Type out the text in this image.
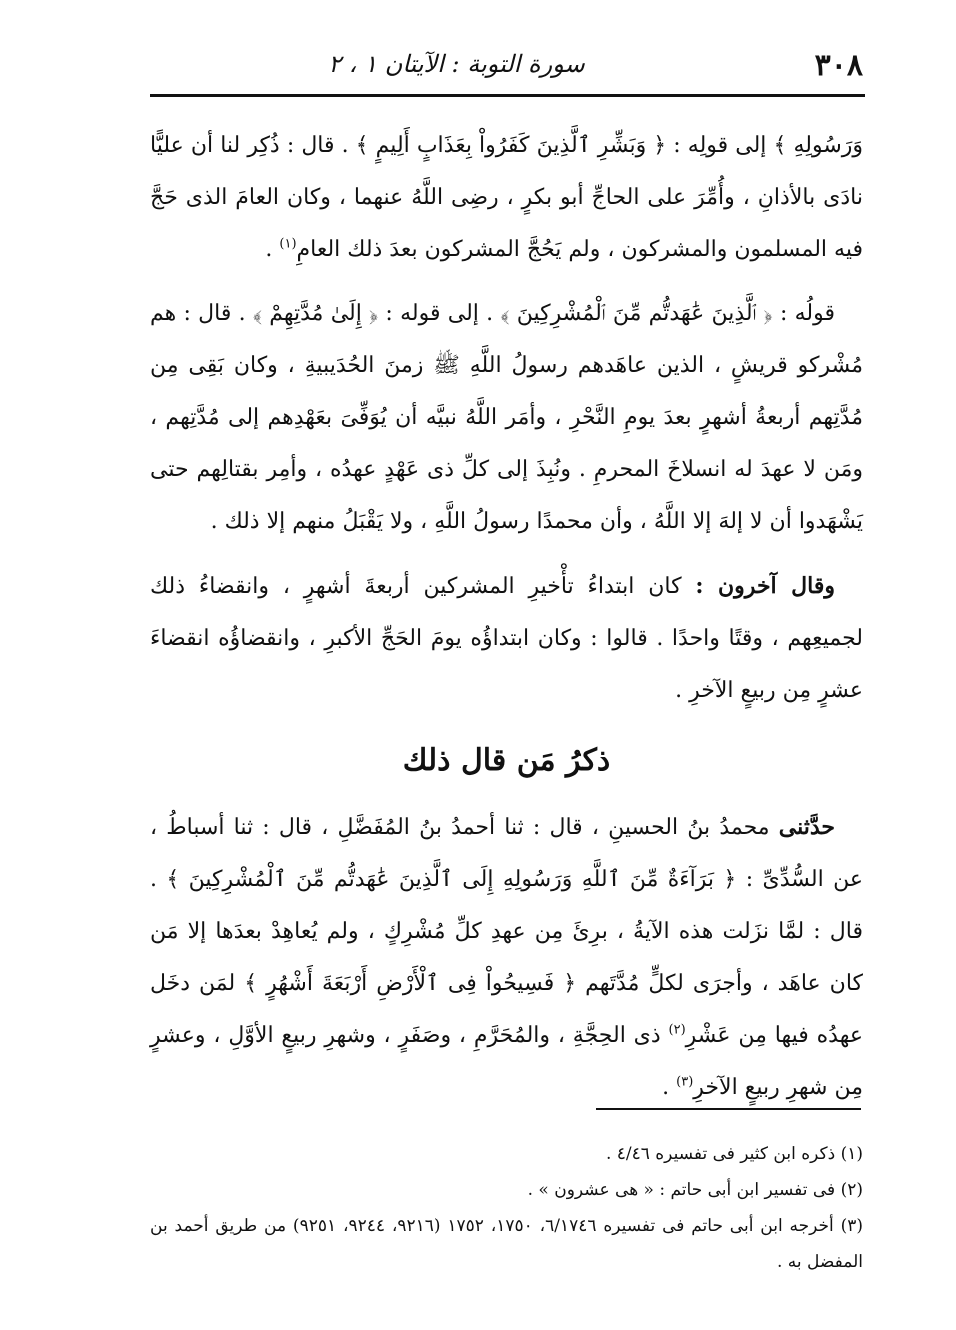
٣٠٨
سورة التوبة : الآيتان ١ ، ٢

وَرَسُولِهِ ﴾ إلى قولِه : ﴿ وَبَشِّرِ ٱلَّذِينَ كَفَرُواْ بِعَذَابٍ أَلِيمٍ ﴾ . قال : ذُكِر لنا أن عليًّا نادَى بالأذانِ ، وأُمِّرَ على الحاجِّ أبو بكرٍ ، رضِى اللَّهُ عنهما ، وكان العامَ الذى حَجَّ فيه المسلمون والمشركون ، ولم يَحُجَّ المشركون بعدَ ذلك العامِ$^{(١)}$ .

قولُه : ﴿ ٱلَّذِينَ عَٰهَدتُّم مِّنَ ٱلْمُشْرِكِينَ ﴾ . إلى قوله : ﴿ إِلَىٰ مُدَّتِهِمْ ﴾ . قال : هم مُشْركو قريشٍ ، الذين عاهَدهم رسولُ اللَّهِ ﷺ زمنَ الحُدَيبيةِ ، وكان بَقِى مِن مُدَّتِهم أربعةُ أشهرٍ بعدَ يومِ النَّحْرِ ، وأمَر اللَّهُ نبيَّه أن يُوَفِّىَ بعَهْدِهم إلى مُدَّتِهم ، ومَن لا عهدَ له انسلاخَ المحرمِ . ونُبِذَ إلى كلِّ ذى عَهْدٍ عهدُه ، وأمِر بقتالِهم حتى يَشْهَدوا أن لا إلهَ إلا اللَّهُ ، وأن محمدًا رسولُ اللَّهِ ، ولا يَقْبَلُ منهم إلا ذلك .

وقال آخرون : كان ابتداءُ تأْخيرِ المشركين أربعةَ أشهرٍ ، وانقضاءُ ذلك لجميعِهم ، وقتًا واحدًا . قالوا : وكان ابتداؤُه يومَ الحَجِّ الأكبرِ ، وانقضاؤُه انقضاءَ عشرٍ مِن ربيعٍ الآخرِ .

ذكرُ مَن قال ذلك

حدَّثنى محمدُ بنُ الحسينِ ، قال : ثنا أحمدُ بنُ المُفَضَّلِ ، قال : ثنا أسباطُ ، عن السُّدِّىِّ : ﴿ بَرَآءَةٌ مِّنَ ٱللَّهِ وَرَسُولِهِ إِلَى ٱلَّذِينَ عَٰهَدتُّم مِّنَ ٱلْمُشْرِكِينَ ﴾ . قال : لمَّا نزَلت هذه الآيةُ ، برِئَ مِن عهدِ كلِّ مُشْرِكٍ ، ولم يُعاهِدْ بعدَها إلا مَن كان عاهَد ، وأجرَى لكلٍّ مُدَّتَهم ﴿ فَسِيحُواْ فِى ٱلْأَرْضِ أَرْبَعَةَ أَشْهُرٍ ﴾ لمَن دخَل عهدُه فيها مِن عَشْرِ$^{(٢)}$ ذى الحِجَّةِ ، والمُحَرَّمِ ، وصَفَرٍ ، وشهرِ ربيعٍ الأوَّلِ ، وعشرٍ مِن شهرِ ربيعٍ الآخرِ$^{(٣)}$ .

(١) ذكره ابن كثير فى تفسيره ٤/٤٦ .

(٢) فى تفسير ابن أبى حاتم : « هى عشرون » .

(٣) أخرجه ابن أبى حاتم فى تفسيره ٦/١٧٤٦، ١٧٥٠، ١٧٥٢ (٩٢١٦، ٩٢٤٤، ٩٢٥١) من طريق أحمد بن المفضل به .
